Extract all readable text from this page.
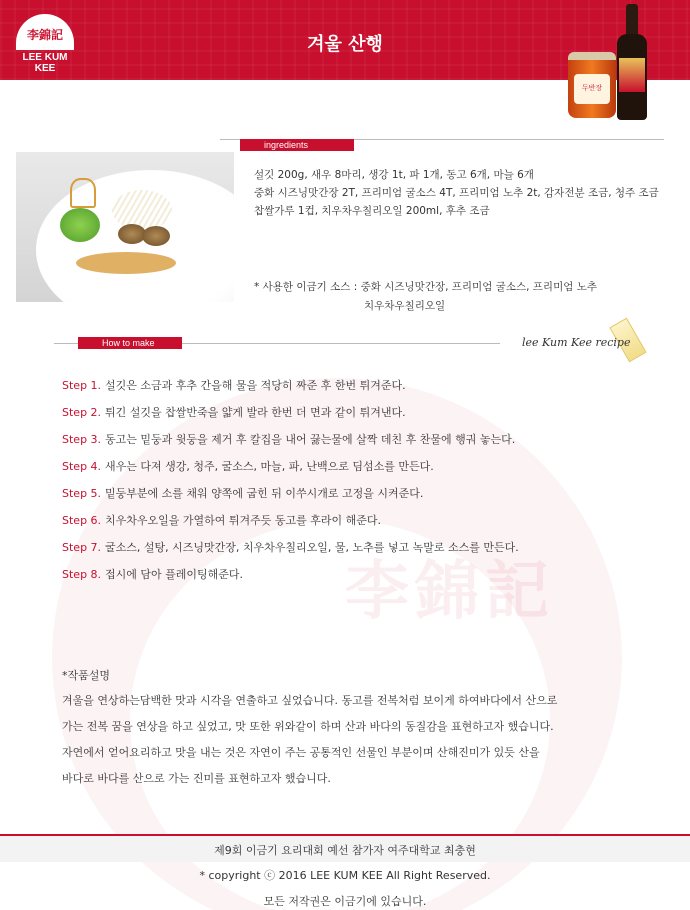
李錦記
李錦記
LEE KUM KEE
겨울 산행
두반장
ingredients
설깃 200g, 새우 8마리, 생강 1t, 파 1개, 동고 6개, 마늘 6개
중화 시즈닝맛간장 2T, 프리미엄 굴소스 4T, 프리미엄 노추 2t, 감자전분 조금, 청주 조금
찹쌀가루 1컵, 치우차우칠리오일 200ml, 후추 조금
* 사용한 이금기 소스 : 중화 시즈닝맛간장, 프리미엄 굴소스, 프리미엄 노추
치우차우칠리오일
How to make	lee Kum Kee recipe
Step 1. 설깃은 소금과 후추 간을해 물을 적당히 짜준 후 한번 튀겨준다.
Step 2. 튀긴 설깃을 찹쌀반죽을 얇게 발라 한번 더 면과 같이 튀겨낸다.
Step 3. 동고는 밑둥과 윗둥을 제거 후 칼집을 내어 끓는물에 살짝 데친 후 찬물에 행궈 놓는다.
Step 4. 새우는 다져 생강, 청주, 굴소스, 마늘, 파, 난백으로 딤섬소를 만든다.
Step 5. 밑둥부분에 소를 채워 양쪽에 굽힌 뒤 이쑤시개로 고정을 시켜준다.
Step 6. 치우차우오일을 가열하여 튀겨주듯 동고를 후라이 해준다.
Step 7. 굴소스, 설탕, 시즈닝맛간장, 치우차우칠리오일, 물, 노추를 넣고 녹말로 소스를 만든다.
Step 8. 접시에 담아 플레이팅해준다.
*작품설명
겨울을 연상하는담백한 맛과 시각을 연출하고 싶었습니다. 동고를 전복처럼 보이게 하여바다에서 산으로
가는 전복 꿈을 연상을 하고 싶었고, 맛 또한 위와같이 하며 산과 바다의 동질감을 표현하고자 했습니다.
자연에서 얻어요리하고 맛을 내는 것은 자연이 주는 공통적인 선물인 부분이며 산해진미가 있듯 산을
바다로 바다를 산으로 가는 진미를 표현하고자 했습니다.
제9회 이금기 요리대회 예선 참가자 여주대학교 최충현
* copyright ⓒ 2016 LEE KUM KEE All Right Reserved.
모든 저작권은 이금기에 있습니다.
